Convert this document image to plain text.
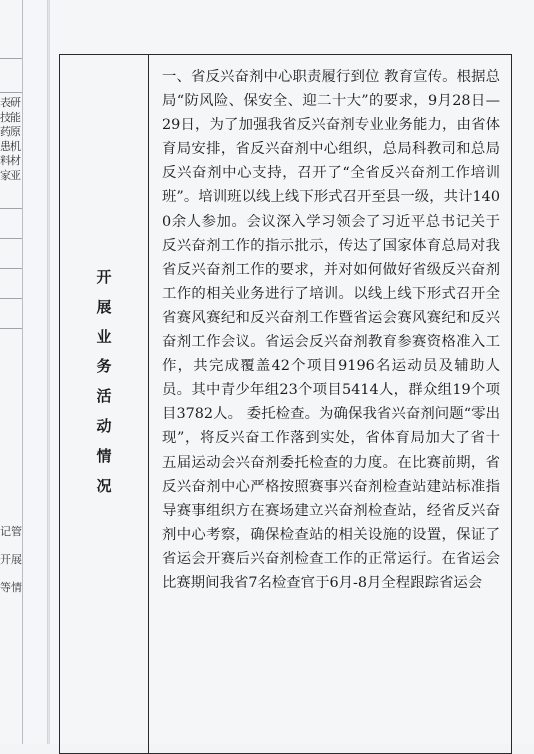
表
技
药
患
料
家
研
能
原
机
材
亚
记管
开展
等情
开
展
业
务
活
动
情
况
一、省反兴奋剂中心职责履行到位 教育宣传。根据总局“防风险、保安全、迎二十大”的要求，9月28日—29日，为了加强我省反兴奋剂专业业务能力，由省体育局安排，省反兴奋剂中心组织，总局科教司和总局反兴奋剂中心支持，召开了“全省反兴奋剂工作培训班”。培训班以线上线下形式召开至县一级，共计1400余人参加。会议深入学习领会了习近平总书记关于反兴奋剂工作的指示批示，传达了国家体育总局对我省反兴奋剂工作的要求，并对如何做好省级反兴奋剂工作的相关业务进行了培训。以线上线下形式召开全省赛风赛纪和反兴奋剂工作暨省运会赛风赛纪和反兴奋剂工作会议。省运会反兴奋剂教育参赛资格准入工作，共完成覆盖42个项目9196名运动员及辅助人员。其中青少年组23个项目5414人，群众组19个项目3782人。 委托检查。为确保我省兴奋剂问题“零出现”，将反兴奋工作落到实处，省体育局加大了省十五届运动会兴奋剂委托检查的力度。在比赛前期，省反兴奋剂中心严格按照赛事兴奋剂检查站建站标准指导赛事组织方在赛场建立兴奋剂检查站，经省反兴奋剂中心考察，确保检查站的相关设施的设置，保证了省运会开赛后兴奋剂检查工作的正常运行。在省运会比赛期间我省7名检查官于6月-8月全程跟踪省运会
